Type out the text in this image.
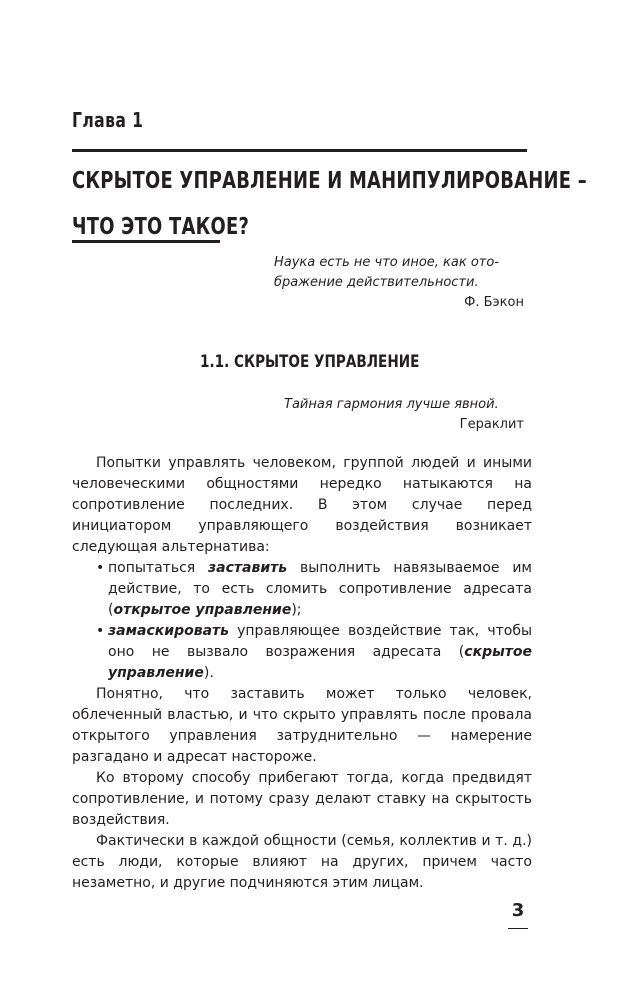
Глава 1
СКРЫТОЕ УПРАВЛЕНИЕ И МАНИПУЛИРОВАНИЕ –
ЧТО ЭТО ТАКОЕ?
Наука есть не что иное, как ото-
бражение действительности.
Ф. Бэкон
1.1. СКРЫТОЕ УПРАВЛЕНИЕ
Тайная гармония лучше явной.
Гераклит

Попытки управлять человеком, группой людей и иными человеческими общностями нередко натыкаются на сопротивление последних. В этом случае перед инициатором управляющего воздействия возникает следующая альтернатива:

• попытаться заставить выполнить навязываемое им действие, то есть сломить сопротивление адресата (открытое управление);
• замаскировать управляющее воздействие так, чтобы оно не вызвало возражения адресата (скрытое управление).

Понятно, что заставить может только человек, облеченный властью, и что скрыто управлять после провала открытого управления затруднительно — намерение разгадано и адресат настороже.

Ко второму способу прибегают тогда, когда предвидят сопротивление, и потому сразу делают ставку на скрытость воздействия.

Фактически в каждой общности (семья, коллектив и т. д.) есть люди, которые влияют на других, причем часто незаметно, и другие подчиняются этим лицам.

3
